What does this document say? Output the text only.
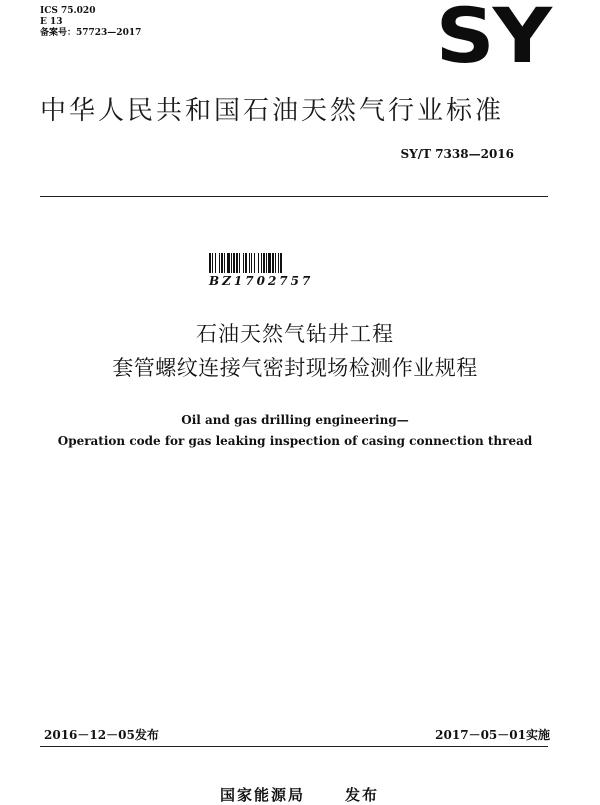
ICS 75.020
E 13
备案号：57723—2017	SY
中华人民共和国石油天然气行业标准
SY/T 7338—2016
BZ1702757
石油天然气钻井工程
套管螺纹连接气密封现场检测作业规程
Oil and gas drilling engineering—
Operation code for gas leaking inspection of casing connection thread
2016－12－05发布	2017－05－01实施
国家能源局	发布
